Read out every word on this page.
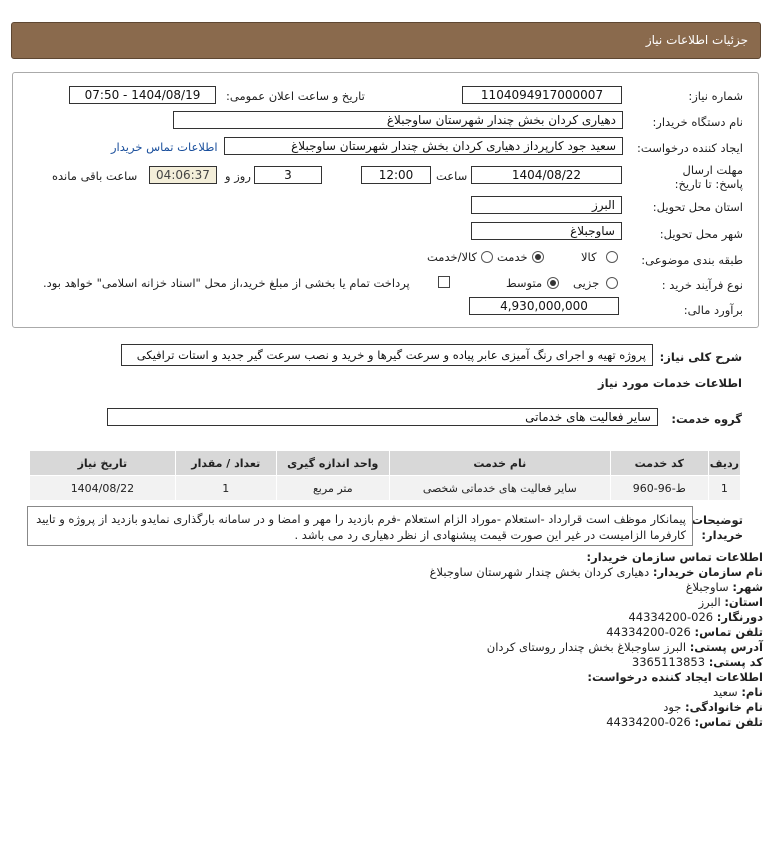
جزئیات اطلاعات نیاز
شماره نیاز:
1104094917000007
تاریخ و ساعت اعلان عمومی:
1404/08/19 - 07:50
نام دستگاه خریدار:
دهیاری کردان بخش چندار شهرستان ساوجبلاغ
ایجاد کننده درخواست:
سعید جود کارپرداز دهیاری کردان بخش چندار شهرستان ساوجبلاغ
اطلاعات تماس خریدار
مهلت ارسال پاسخ: تا تاریخ:
1404/08/22
ساعت
12:00
3
روز و
04:06:37
ساعت باقی مانده
استان محل تحویل:
البرز
شهر محل تحویل:
ساوجبلاغ
طبقه بندی موضوعی:
کالا
خدمت
کالا/خدمت
نوع فرآیند خرید :
جزیی
متوسط
پرداخت تمام یا بخشی از مبلغ خرید،از محل "اسناد خزانه اسلامی" خواهد بود.
برآورد مالی:
4,930,000,000
شرح کلی نیاز:
پروژه تهیه و اجرای رنگ آمیزی عابر پیاده و سرعت گیرها و خرید و نصب سرعت گیر جدید و استات ترافیکی
اطلاعات خدمات مورد نیاز
گروه خدمت:
سایر فعالیت های خدماتی
ردیف	کد خدمت	نام خدمت	واحد اندازه گیری	تعداد / مقدار	تاریخ نیاز
1	ط-96-960	سایر فعالیت های خدماتی شخصی	متر مربع	1	1404/08/22
توضیحات خریدار:
پیمانکار موظف است قرارداد -استعلام -موراد الزام استعلام -فرم بازدید را مهر و امضا و در سامانه بارگذاری نمایدو بازدید از پروژه و تایید کارفرما الزامیست در غیر این صورت قیمت پیشنهادی از نظر دهیاری رد می باشد .
اطلاعات تماس سازمان خریدار:
نام سازمان خریدار: دهیاری کردان بخش چندار شهرستان ساوجبلاغ
شهر: ساوجبلاغ
استان: البرز
دورنگار: 026-44334200
تلفن تماس: 026-44334200
آدرس پستی: البرز ساوجبلاغ بخش چندار روستای کردان
کد پستی: 3365113853
اطلاعات ایجاد کننده درخواست:
نام: سعید
نام خانوادگی: جود
تلفن تماس: 026-44334200
